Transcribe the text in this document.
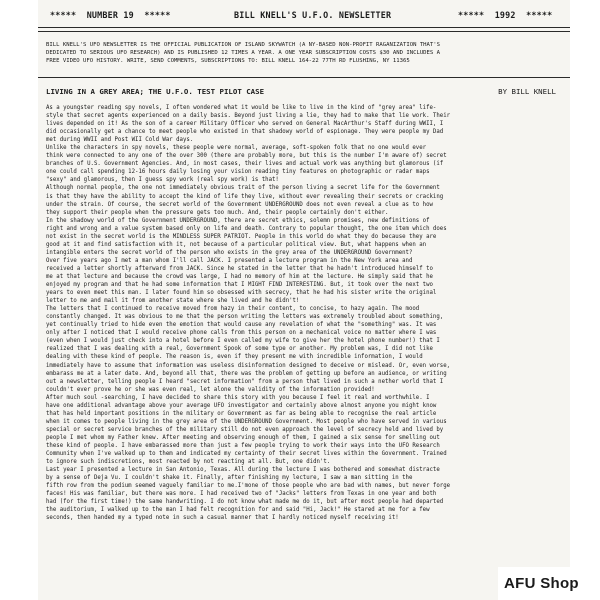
*****  NUMBER 19  *****	BILL KNELL'S U.F.O. NEWSLETTER	*****  1992  *****

BILL KNELL'S UFO NEWSLETTER IS THE OFFICIAL PUBLICATION OF ISLAND SKYWATCH (A NY-BASED NON-PROFIT RAGANIZATION THAT'S

DEDICATED TO SERIOUS UFO RESEARCH) AND IS PUBLISHED 12 TIMES A YEAR. A ONE YEAR SUBSCRIPTION COSTS $30 AND INCLUDES A

FREE VIDEO UFO HISTORY. WRITE, SEND COMMENTS, SUBSCRIPTIONS TO: BILL KNELL 164-22 77TH RD FLUSHING, NY 11365

LIVING IN A GREY AREA; THE U.F.O. TEST PILOT CASE	BY BILL KNELL

As a youngster reading spy novels, I often wondered what it would be like to live in the kind of "grey area" life-

style that secret agents experienced on a daily basis. Beyond just living a lie, they had to make that lie work. Their

lives depended on it! As the son of a career Military Officer who served on General MacArthur's Staff during WWII, I

did occasionally get a chance to meet people who existed in that shadowy world of espionage. They were people my Dad

met during WWII and Post WII Cold War days.

Unlike the characters in spy novels, these people were normal, average, soft-spoken folk that no one would ever

think were connected to any one of the over 300 (there are probably more, but this is the number I'm aware of) secret

branches of U.S. Government Agencies. And, in most cases, their lives and actual work was anything but glamorous (if

one could call spending 12-16 hours daily losing your vision reading tiny features on photographic or radar maps

"sexy" and glamorous, then I guess spy work (real spy work) is that!

Although normal people, the one not immediately obvious trait of the person living a secret life for the Government

is that they have the ability to accept the kind of life they live, without ever revealing their secrets or cracking

under the strain. Of course, the secret world of the Government UNDERGROUND does not even reveal a clue as to how

they support their people when the pressure gets too much. And, their people certainly don't either.

In the shadowy world of the Government UNDERGROUND, there are secret ethics, solemn promises, new definitions of

right and wrong and a value system based only on life and death. Contrary to popular thought, the one item which does

not exist in the secret world is the MINDLESS SUPER PATRIOT. People in this world do what they do because they are

good at it and find satisfaction with it, not because of a particular political view. But, what happens when an

intangible enters the secret world of the person who exists in the grey area of the UNDERGROUND Government?

Over five years ago I met a man whom I'll call JACK. I presented a lecture program in the New York area and

received a letter shortly afterward from JACK. Since he stated in the letter that he hadn't introduced himself to

me at that lecture and because the crowd was large, I had no memory of him at the lecture. He simply said that he

enjoyed my program and that he had some information that I MIGHT FIND INTERESTING. But, it took over the next two

years to even meet this man. I later found him so obsessed with secrecy, that he had his sister write the original

letter to me and mail it from another state where she lived and he didn't!

The letters that I continued to receive moved from hazy in their content, to concise, to hazy again. The mood

constantly changed. It was obvious to me that the person writing the letters was extremely troubled about something,

yet continually tried to hide even the emotion that would cause any revelation of what the "something" was. It was

only after I noticed that I would receive phone calls from this person on a mechanical voice no matter where I was

(even when I would just check into a hotel before I even called my wife to give her the hotel phone number!) that I

realized that I was dealing with a real, Government Spook of some type or another. My problem was, I did not like

dealing with these kind of people. The reason is, even if they present me with incredible information, I would

immediately have to assume that information was useless disinformation designed to deceive or mislead. Or, even worse,

embarass me at a later date. And, beyond all that, there was the problem of getting up before an audience, or writing

out a newsletter, telling people I heard "secret information" from a person that lived in such a nether world that I

couldn't ever prove he or she was even real, let alone the validity of the information provided!

After much soul -searching, I have decided to share this story with you because I feel it real and worthwhile. I

have one additional advantage above your average UFO investigator and certainly above almost anyone you might know

that has held important positions in the military or Government as far as being able to recognise the real article

when it comes to people living in the grey area of the UNDERGROUND Government. Most people who have served in various

special or secret service branches of the military still do not even approach the level of secrecy held and lived by

people I met whom my Father knew. After meeting and observing enough of them, I gained a six sense for smelling out

these kind of people. I have embarassed more than just a few people trying to work their ways into the UFO Research

Community when I've walked up to them and indicated my certainty of their secret lives within the Government. Trained

to ignore such indiscretions, most reacted by not reacting at all. But, one didn't.

Last year I presented a lecture in San Antonio, Texas. All during the lecture I was bothered and somewhat distracte

by a sense of Deja Vu. I couldn't shake it. Finally, after finishing my lecture, I saw a man sitting in the

fifth row from the podium seemed vaguely familiar to me.I'mone of those people who are bad with names, but never forge

faces! His was familiar, but there was more. I had received two of "Jacks" letters from Texas in one year and both

had (for the first time!) the same handwriting. I do not know what made me do it, but after most people had departed

the auditorium, I walked up to the man I had felt recognition for and said "Hi, Jack!" He stared at me for a few

seconds, then handed my a typed note in such a casual manner that I hardly noticed myself receiving it!

AFU Shop
